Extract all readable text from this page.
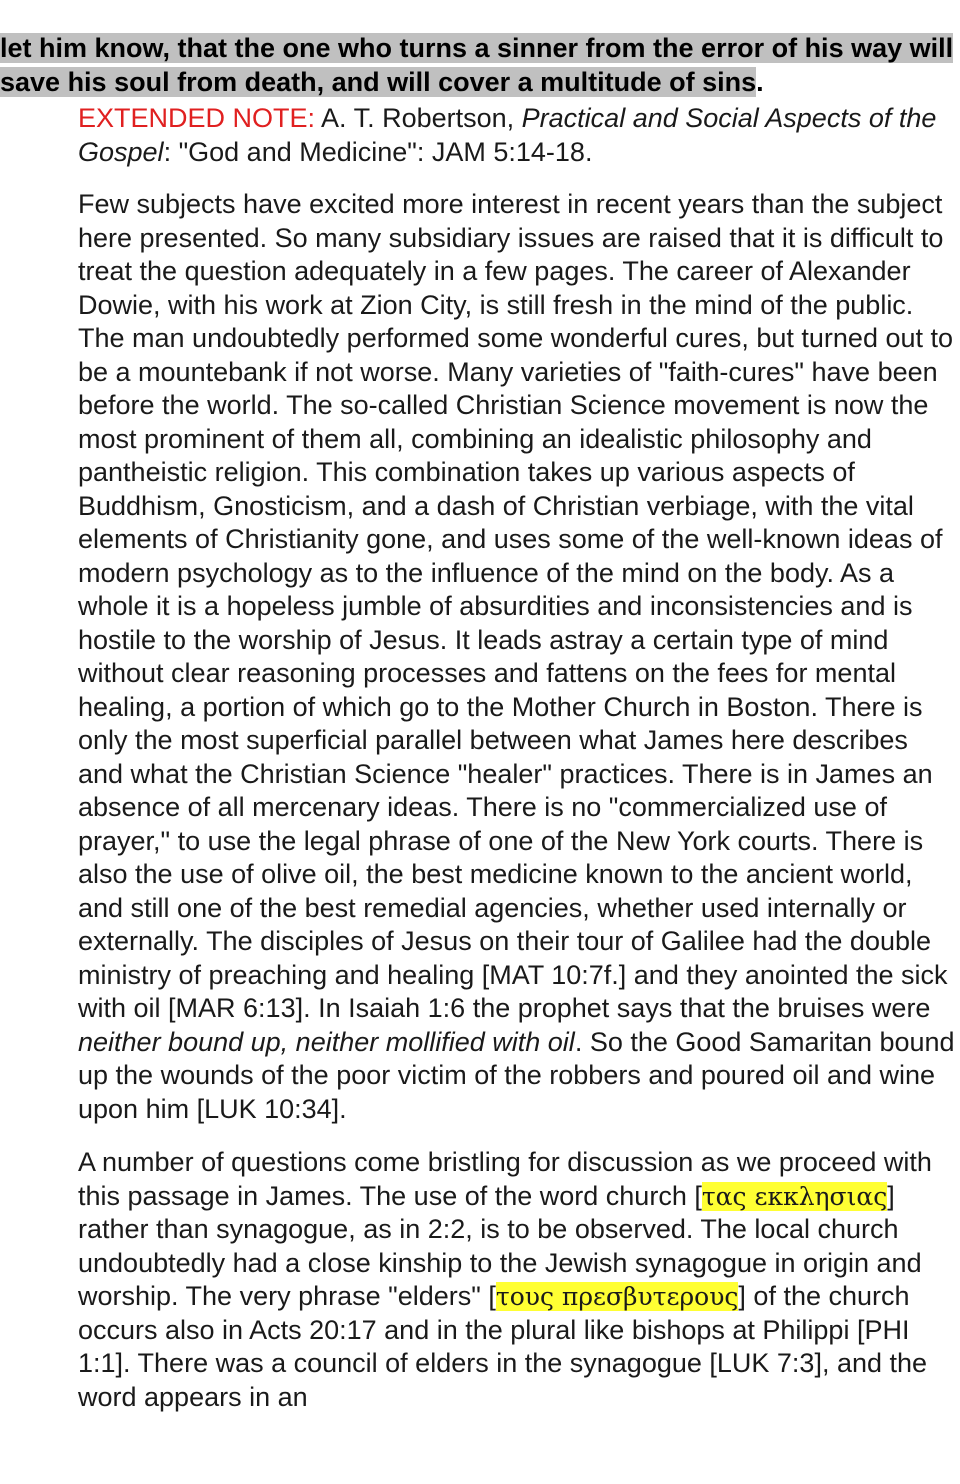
let him know, that the one who turns a sinner from the error of his way will save his soul from death, and will cover a multitude of sins.

EXTENDED NOTE: A. T. Robertson, Practical and Social Aspects of the Gospel: "God and Medicine": JAM 5:14-18.

Few subjects have excited more interest in recent years than the subject here presented. So many subsidiary issues are raised that it is difficult to treat the question adequately in a few pages. The career of Alexander Dowie, with his work at Zion City, is still fresh in the mind of the public. The man undoubtedly performed some wonderful cures, but turned out to be a mountebank if not worse. Many varieties of "faith-cures" have been before the world. The so-called Christian Science movement is now the most prominent of them all, combining an idealistic philosophy and pantheistic religion. This combination takes up various aspects of Buddhism, Gnosticism, and a dash of Christian verbiage, with the vital elements of Christianity gone, and uses some of the well-known ideas of modern psychology as to the influence of the mind on the body. As a whole it is a hopeless jumble of absurdities and inconsistencies and is hostile to the worship of Jesus. It leads astray a certain type of mind without clear reasoning processes and fattens on the fees for mental healing, a portion of which go to the Mother Church in Boston. There is only the most superficial parallel between what James here describes and what the Christian Science "healer" practices. There is in James an absence of all mercenary ideas. There is no "commercialized use of prayer," to use the legal phrase of one of the New York courts. There is also the use of olive oil, the best medicine known to the ancient world, and still one of the best remedial agencies, whether used internally or externally. The disciples of Jesus on their tour of Galilee had the double ministry of preaching and healing [MAT 10:7f.] and they anointed the sick with oil [MAR 6:13]. In Isaiah 1:6 the prophet says that the bruises were neither bound up, neither mollified with oil. So the Good Samaritan bound up the wounds of the poor victim of the robbers and poured oil and wine upon him [LUK 10:34].

A number of questions come bristling for discussion as we proceed with this passage in James. The use of the word church [τας εκκλησιας] rather than synagogue, as in 2:2, is to be observed. The local church undoubtedly had a close kinship to the Jewish synagogue in origin and worship. The very phrase "elders" [τους πρεσβυτερους] of the church occurs also in Acts 20:17 and in the plural like bishops at Philippi [PHI 1:1]. There was a council of elders in the synagogue [LUK 7:3], and the word appears in an
